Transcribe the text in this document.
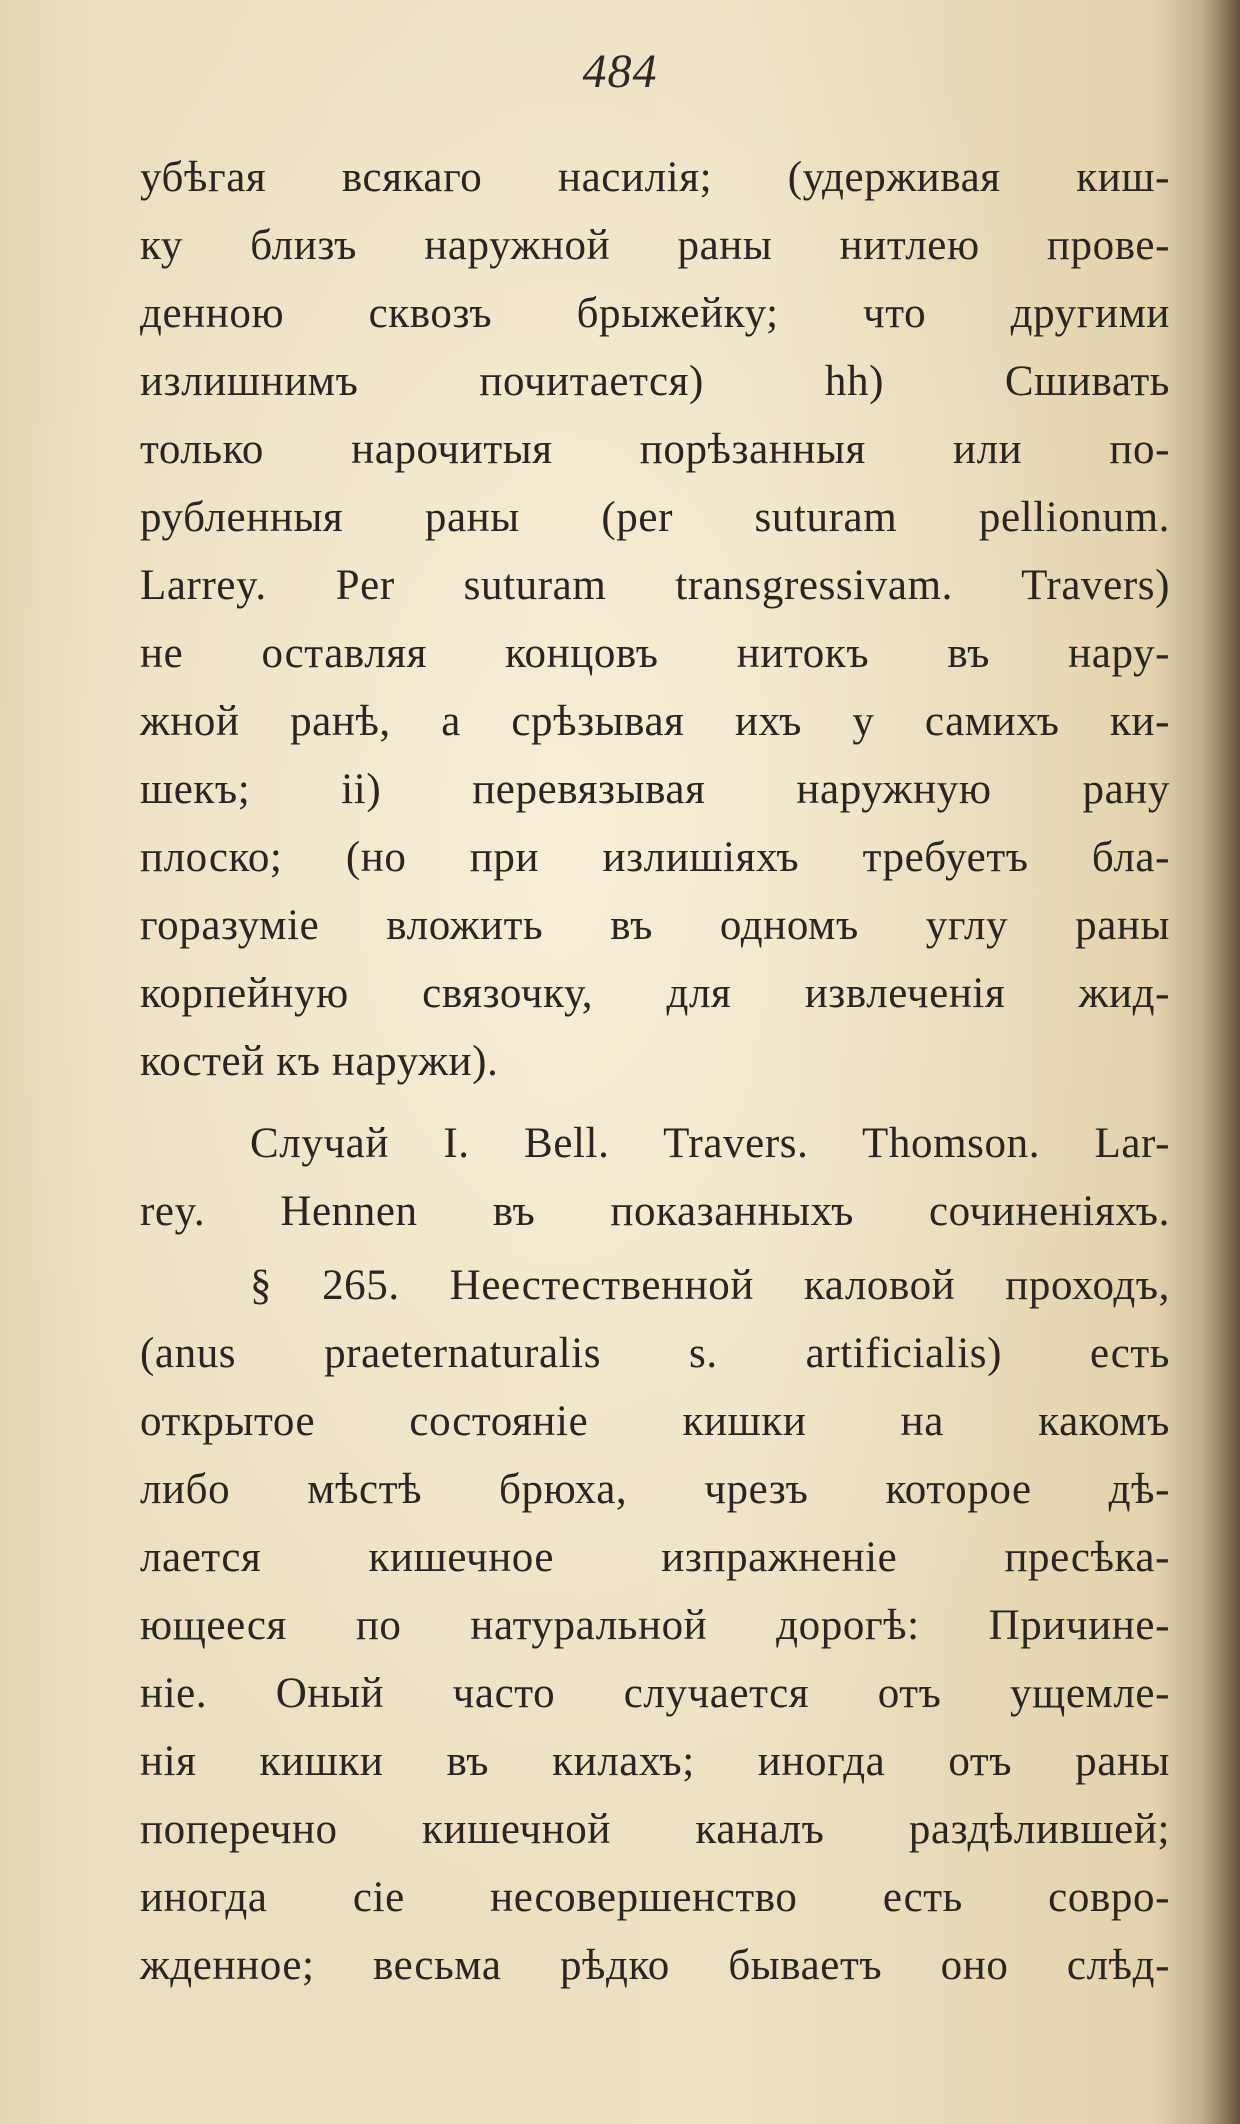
484
убѣгая всякаго насилія; (удерживая киш-
ку близъ наружной раны нитлею прове-
денною сквозъ брыжейку; что другими
излишнимъ почитается) hh) Сшивать
только нарочитыя порѣзанныя или по-
рубленныя раны (per suturam pellionum.
Larrey. Per suturam transgressivam. Travers)
не оставляя концовъ нитокъ въ нару-
жной ранѣ, а срѣзывая ихъ у самихъ ки-
шекъ; ii) перевязывая наружную рану
плоско; (но при излишіяхъ требуетъ бла-
горазуміе вложить въ одномъ углу раны
корпейную связочку, для извлеченія жид-
костей къ наружи).
Случай I. Bell. Travers. Thomson. Lar-
rey. Hennen въ показанныхъ сочиненіяхъ.
§ 265. Неестественной каловой проходъ,
(anus praeternaturalis s. artificialis) есть
открытое состояніе кишки на какомъ
либо мѣстѣ брюха, чрезъ которое дѣ-
лается кишечное изпражненіе пресѣка-
ющееся по натуральной дорогѣ: Причине-
ніе. Оный часто случается отъ ущемле-
нія кишки въ килахъ; иногда отъ раны
поперечно кишечной каналъ раздѣлившей;
иногда сіе несовершенство есть совро-
жденное; весьма рѣдко бываетъ оно слѣд-
